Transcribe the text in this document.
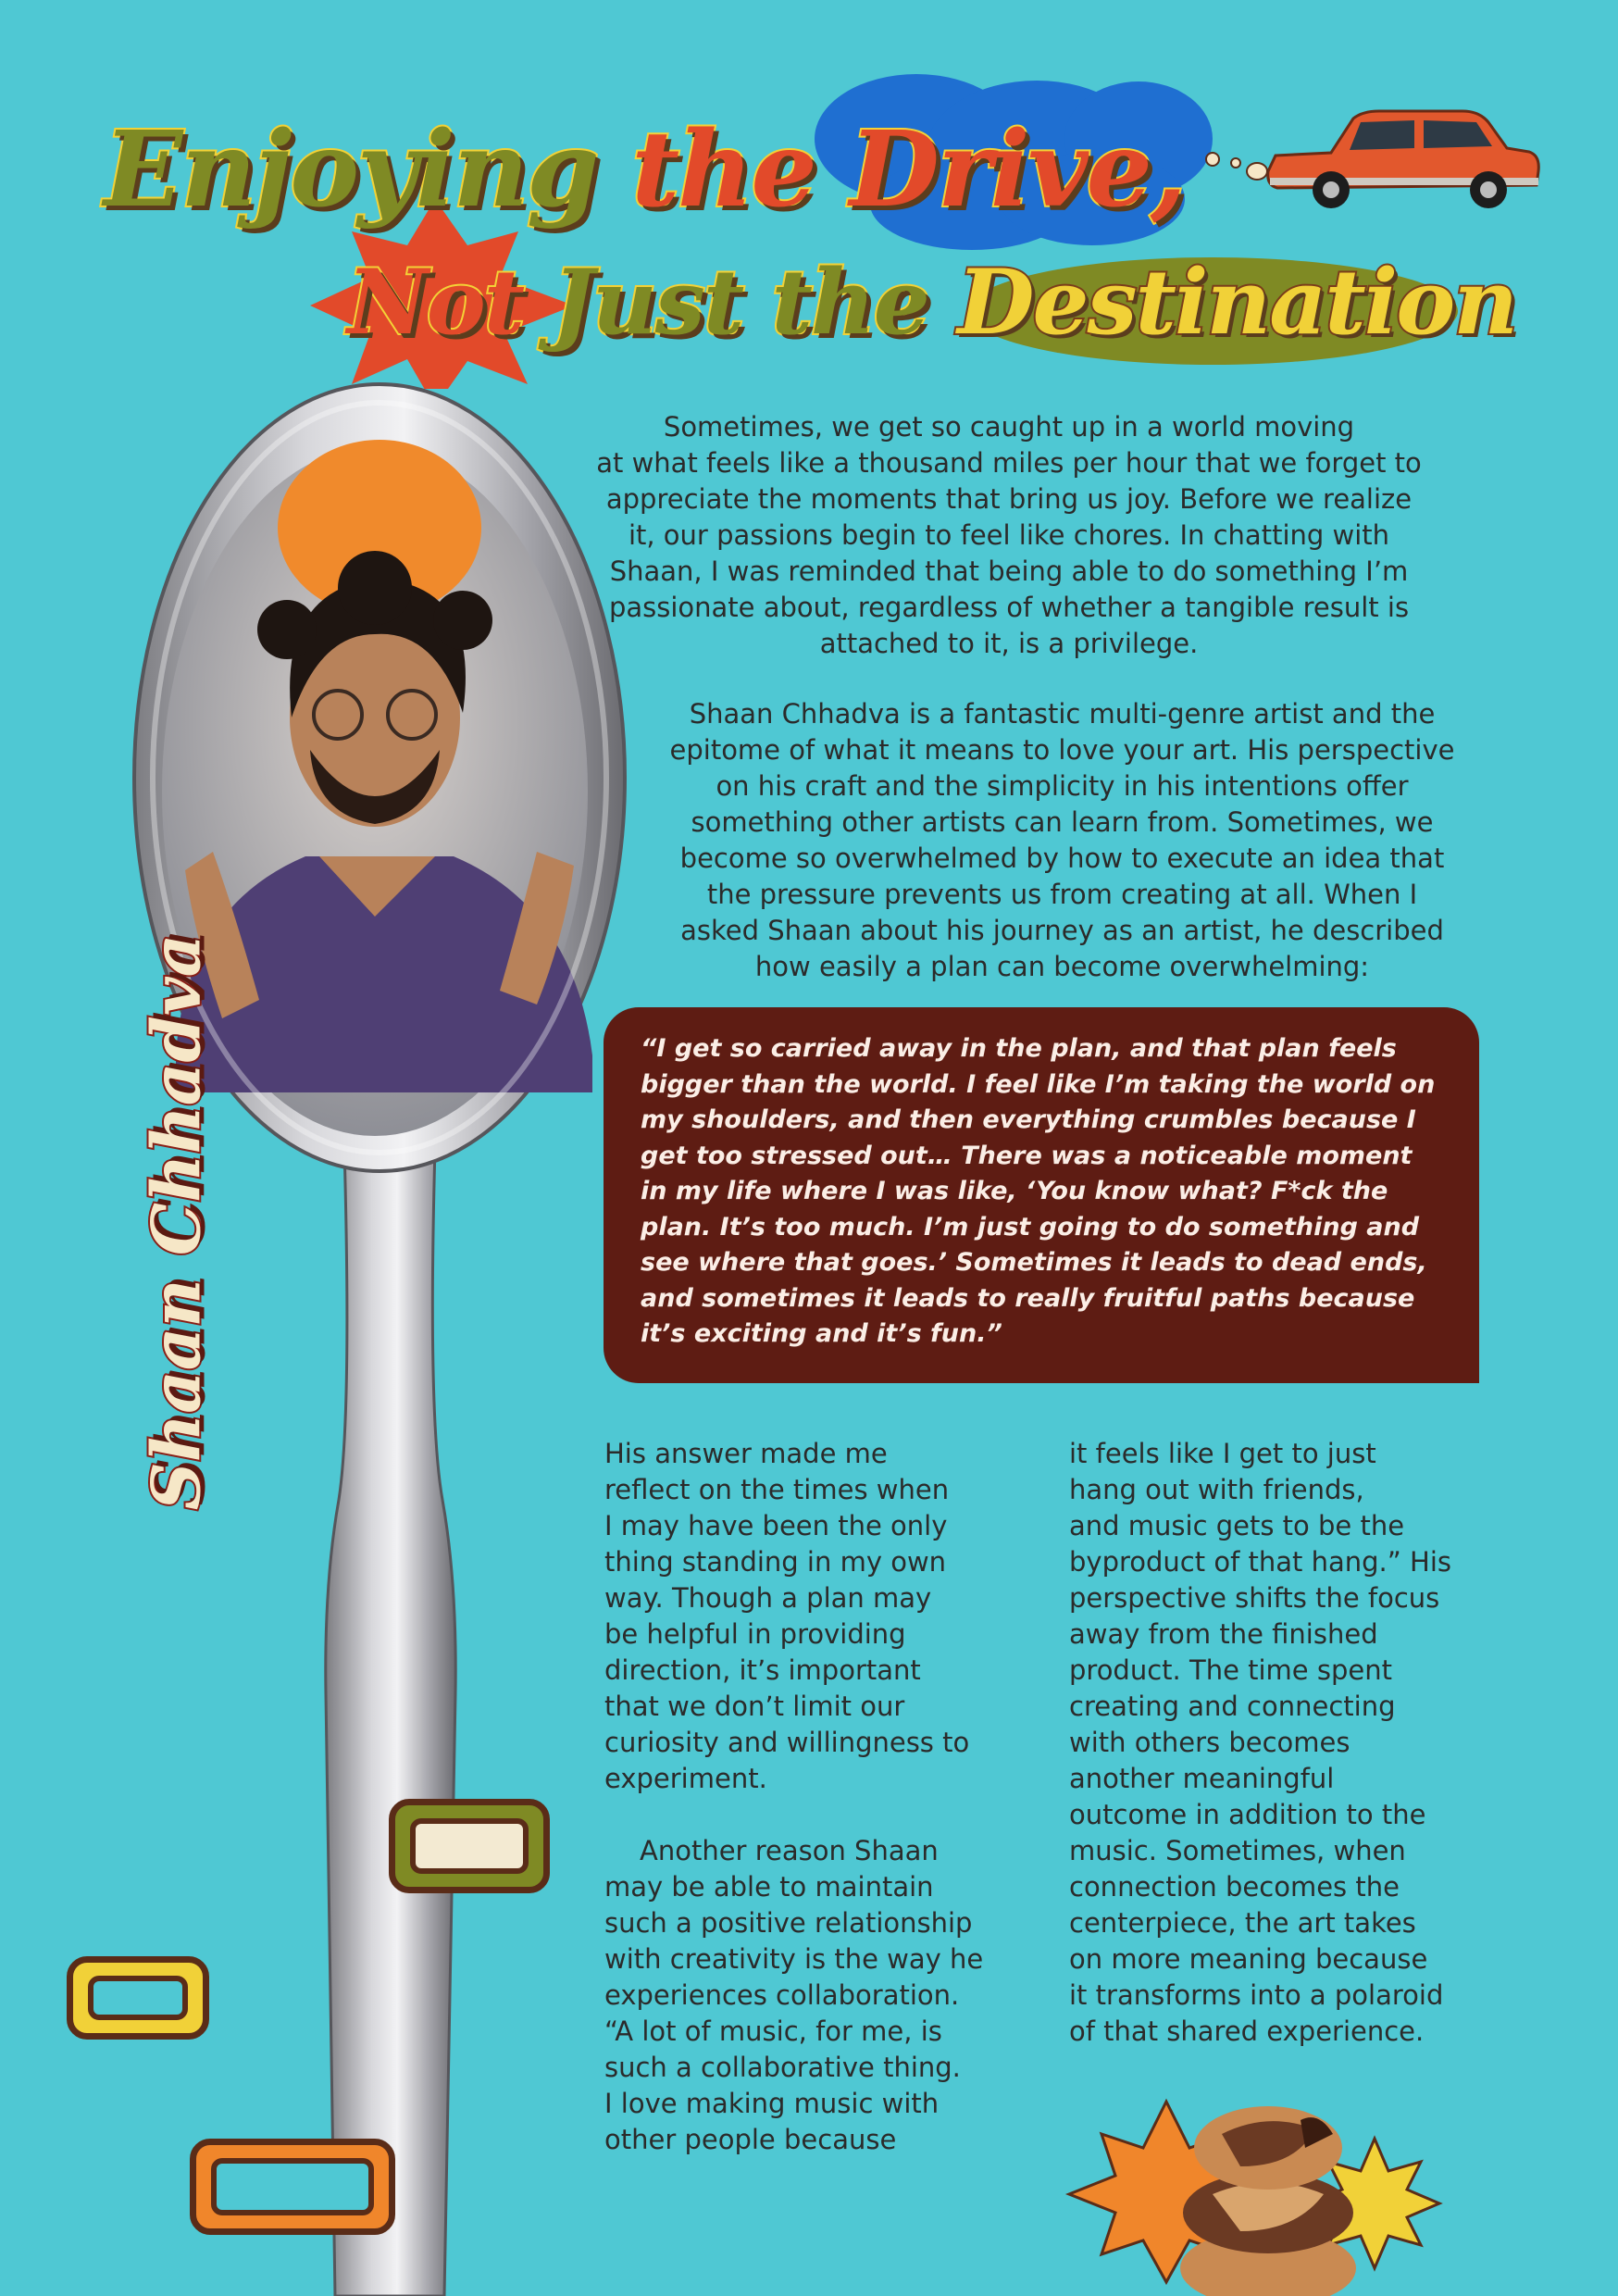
Enjoying the Drive,
Not Just the Destination
Shaan Chhadva

Sometimes, we get so caught up in a world moving
at what feels like a thousand miles per hour that we forget to
appreciate the moments that bring us joy. Before we realize
it, our passions begin to feel like chores. In chatting with
Shaan, I was reminded that being able to do something I’m
passionate about, regardless of whether a tangible result is
attached to it, is a privilege.

Shaan Chhadva is a fantastic multi-genre artist and the
epitome of what it means to love your art. His perspective
on his craft and the simplicity in his intentions offer
something other artists can learn from. Sometimes, we
become so overwhelmed by how to execute an idea that
the pressure prevents us from creating at all. When I
asked Shaan about his journey as an artist, he described
how easily a plan can become overwhelming:

“I get so carried away in the plan, and that plan feels
bigger than the world. I feel like I’m taking the world on
my shoulders, and then everything crumbles because I
get too stressed out… There was a noticeable moment
in my life where I was like, ‘You know what? F*ck the
plan. It’s too much. I’m just going to do something and
see where that goes.’ Sometimes it leads to dead ends,
and sometimes it leads to really fruitful paths because
it’s exciting and it’s fun.”

His answer made me
reflect on the times when
I may have been the only
thing standing in my own
way. Though a plan may
be helpful in providing
direction, it’s important
that we don’t limit our
curiosity and willingness to
experiment.

Another reason Shaan
may be able to maintain
such a positive relationship
with creativity is the way he
experiences collaboration.
“A lot of music, for me, is
such a collaborative thing.
I love making music with
other people because

it feels like I get to just
hang out with friends,
and music gets to be the
byproduct of that hang.” His
perspective shifts the focus
away from the finished
product. The time spent
creating and connecting
with others becomes
another meaningful
outcome in addition to the
music. Sometimes, when
connection becomes the
centerpiece, the art takes
on more meaning because
it transforms into a polaroid
of that shared experience.
